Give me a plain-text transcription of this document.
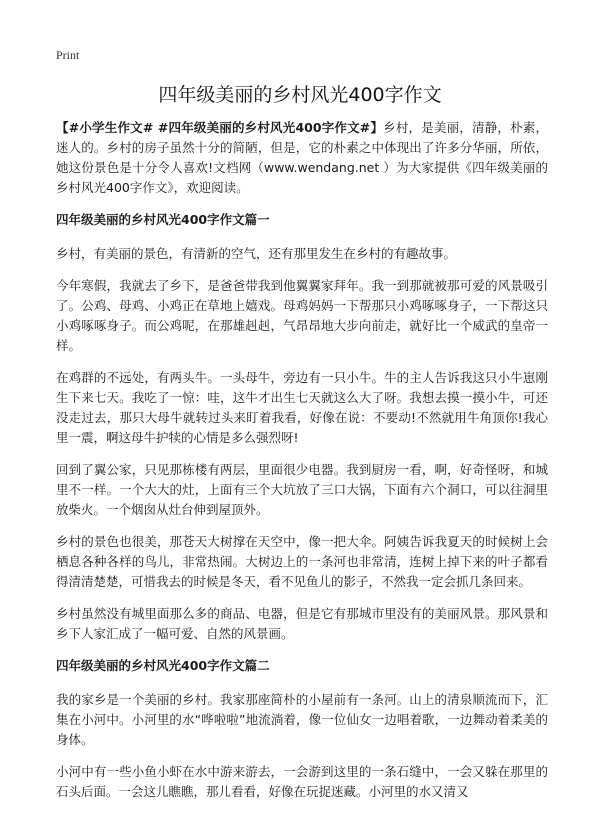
Print
四年级美丽的乡村风光400字作文

【#小学生作文# #四年级美丽的乡村风光400字作文#】乡村，是美丽，清静，朴素，迷人的。乡村的房子虽然十分的简陋，但是，它的朴素之中体现出了许多分华丽，所依，她这份景色是十分令人喜欢!文档网（www.wendang.net ）为大家提供《四年级美丽的乡村风光400字作文》，欢迎阅读。

四年级美丽的乡村风光400字作文篇一

乡村，有美丽的景色，有清新的空气，还有那里发生在乡村的有趣故事。

今年寒假，我就去了乡下，是爸爸带我到他翼翼家拜年。我一到那就被那可爱的风景吸引了。公鸡、母鸡、小鸡正在草地上嬉戏。母鸡妈妈一下帮那只小鸡啄啄身子，一下帮这只小鸡啄啄身子。而公鸡呢，在那雄赳赳，气昂昂地大步向前走，就好比一个威武的皇帝一样。

在鸡群的不远处，有两头牛。一头母牛，旁边有一只小牛。牛的主人告诉我这只小牛崽刚生下来七天。我吃了一惊：哇，这牛才出生七天就这么大了呀。我想去摸一摸小牛，可还没走过去，那只大母牛就转过头来盯着我看，好像在说：不要动!不然就用牛角顶你!我心里一震，啊这母牛护犊的心情是多么强烈呀!

回到了翼公家，只见那栋楼有两层，里面很少电器。我到厨房一看，啊，好奇怪呀，和城里不一样。一个大大的灶，上面有三个大坑放了三口大锅，下面有六个洞口，可以往洞里放柴火。一个烟囱从灶台伸到屋顶外。

乡村的景色也很美，那苍天大树撑在天空中，像一把大伞。阿姨告诉我夏天的时候树上会栖息各种各样的鸟儿，非常热闹。大树边上的一条河也非常清，连树上掉下来的叶子都看得清清楚楚，可惜我去的时候是冬天，看不见鱼儿的影子，不然我一定会抓几条回来。

乡村虽然没有城里面那么多的商品、电器，但是它有那城市里没有的美丽风景。那风景和乡下人家汇成了一幅可爱、自然的风景画。

四年级美丽的乡村风光400字作文篇二

我的家乡是一个美丽的乡村。我家那座简朴的小屋前有一条河。山上的清泉顺流而下，汇集在小河中。小河里的水“哗啦啦”地流淌着，像一位仙女一边唱着歌，一边舞动着柔美的身体。

小河中有一些小鱼小虾在水中游来游去，一会游到这里的一条石缝中，一会又躲在那里的石头后面。一会这儿瞧瞧，那儿看看，好像在玩捉迷藏。小河里的水又清又
